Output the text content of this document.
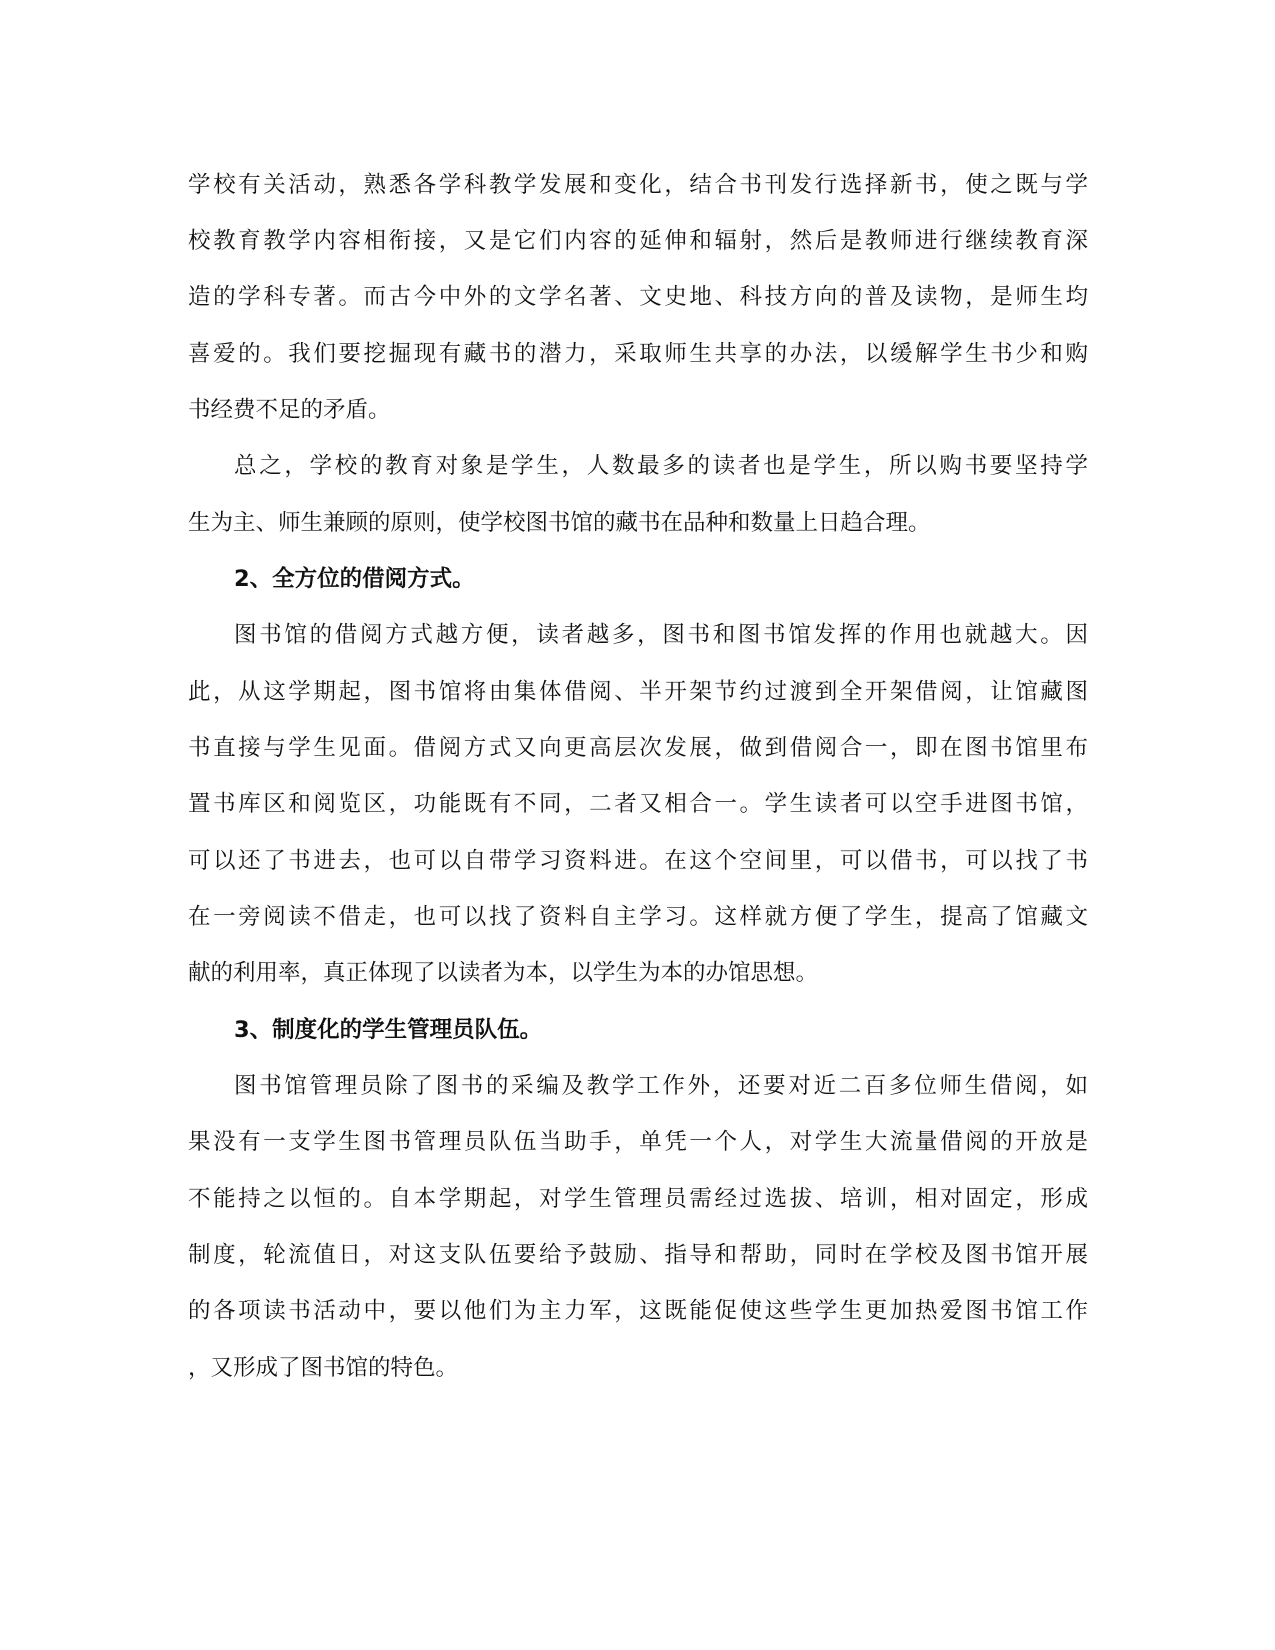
学校有关活动，熟悉各学科教学发展和变化，结合书刊发行选择新书，使之既与学

校教育教学内容相衔接，又是它们内容的延伸和辐射，然后是教师进行继续教育深

造的学科专著。而古今中外的文学名著、文史地、科技方向的普及读物，是师生均

喜爱的。我们要挖掘现有藏书的潜力，采取师生共享的办法，以缓解学生书少和购

书经费不足的矛盾。

总之，学校的教育对象是学生，人数最多的读者也是学生，所以购书要坚持学

生为主、师生兼顾的原则，使学校图书馆的藏书在品种和数量上日趋合理。

2、全方位的借阅方式。

图书馆的借阅方式越方便，读者越多，图书和图书馆发挥的作用也就越大。因

此，从这学期起，图书馆将由集体借阅、半开架节约过渡到全开架借阅，让馆藏图

书直接与学生见面。借阅方式又向更高层次发展，做到借阅合一，即在图书馆里布

置书库区和阅览区，功能既有不同，二者又相合一。学生读者可以空手进图书馆，

可以还了书进去，也可以自带学习资料进。在这个空间里，可以借书，可以找了书

在一旁阅读不借走，也可以找了资料自主学习。这样就方便了学生，提高了馆藏文

献的利用率，真正体现了以读者为本，以学生为本的办馆思想。

3、制度化的学生管理员队伍。

图书馆管理员除了图书的采编及教学工作外，还要对近二百多位师生借阅，如

果没有一支学生图书管理员队伍当助手，单凭一个人，对学生大流量借阅的开放是

不能持之以恒的。自本学期起，对学生管理员需经过选拔、培训，相对固定，形成

制度，轮流值日，对这支队伍要给予鼓励、指导和帮助，同时在学校及图书馆开展

的各项读书活动中，要以他们为主力军，这既能促使这些学生更加热爱图书馆工作

，又形成了图书馆的特色。
